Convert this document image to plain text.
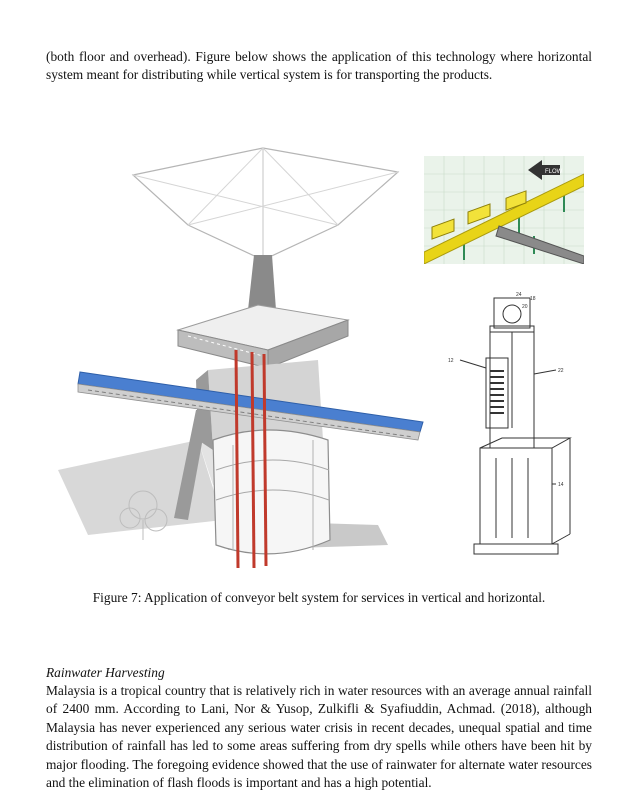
(both floor and overhead). Figure below shows the application of this technology where horizontal system meant for distributing while vertical system is for transporting the products.

FLOW
24
18
20
12
22
14

Figure 7: Application of conveyor belt system for services in vertical and horizontal.

Rainwater Harvesting

Malaysia is a tropical country that is relatively rich in water resources with an average annual rainfall of 2400 mm. According to Lani, Nor & Yusop, Zulkifli & Syafiuddin, Achmad. (2018), although Malaysia has never experienced any serious water crisis in recent decades, unequal spatial and time distribution of rainfall has led to some areas suffering from dry spells while others have been hit by major flooding. The foregoing evidence showed that the use of rainwater for alternate water resources and the elimination of flash floods is important and has a high potential.
